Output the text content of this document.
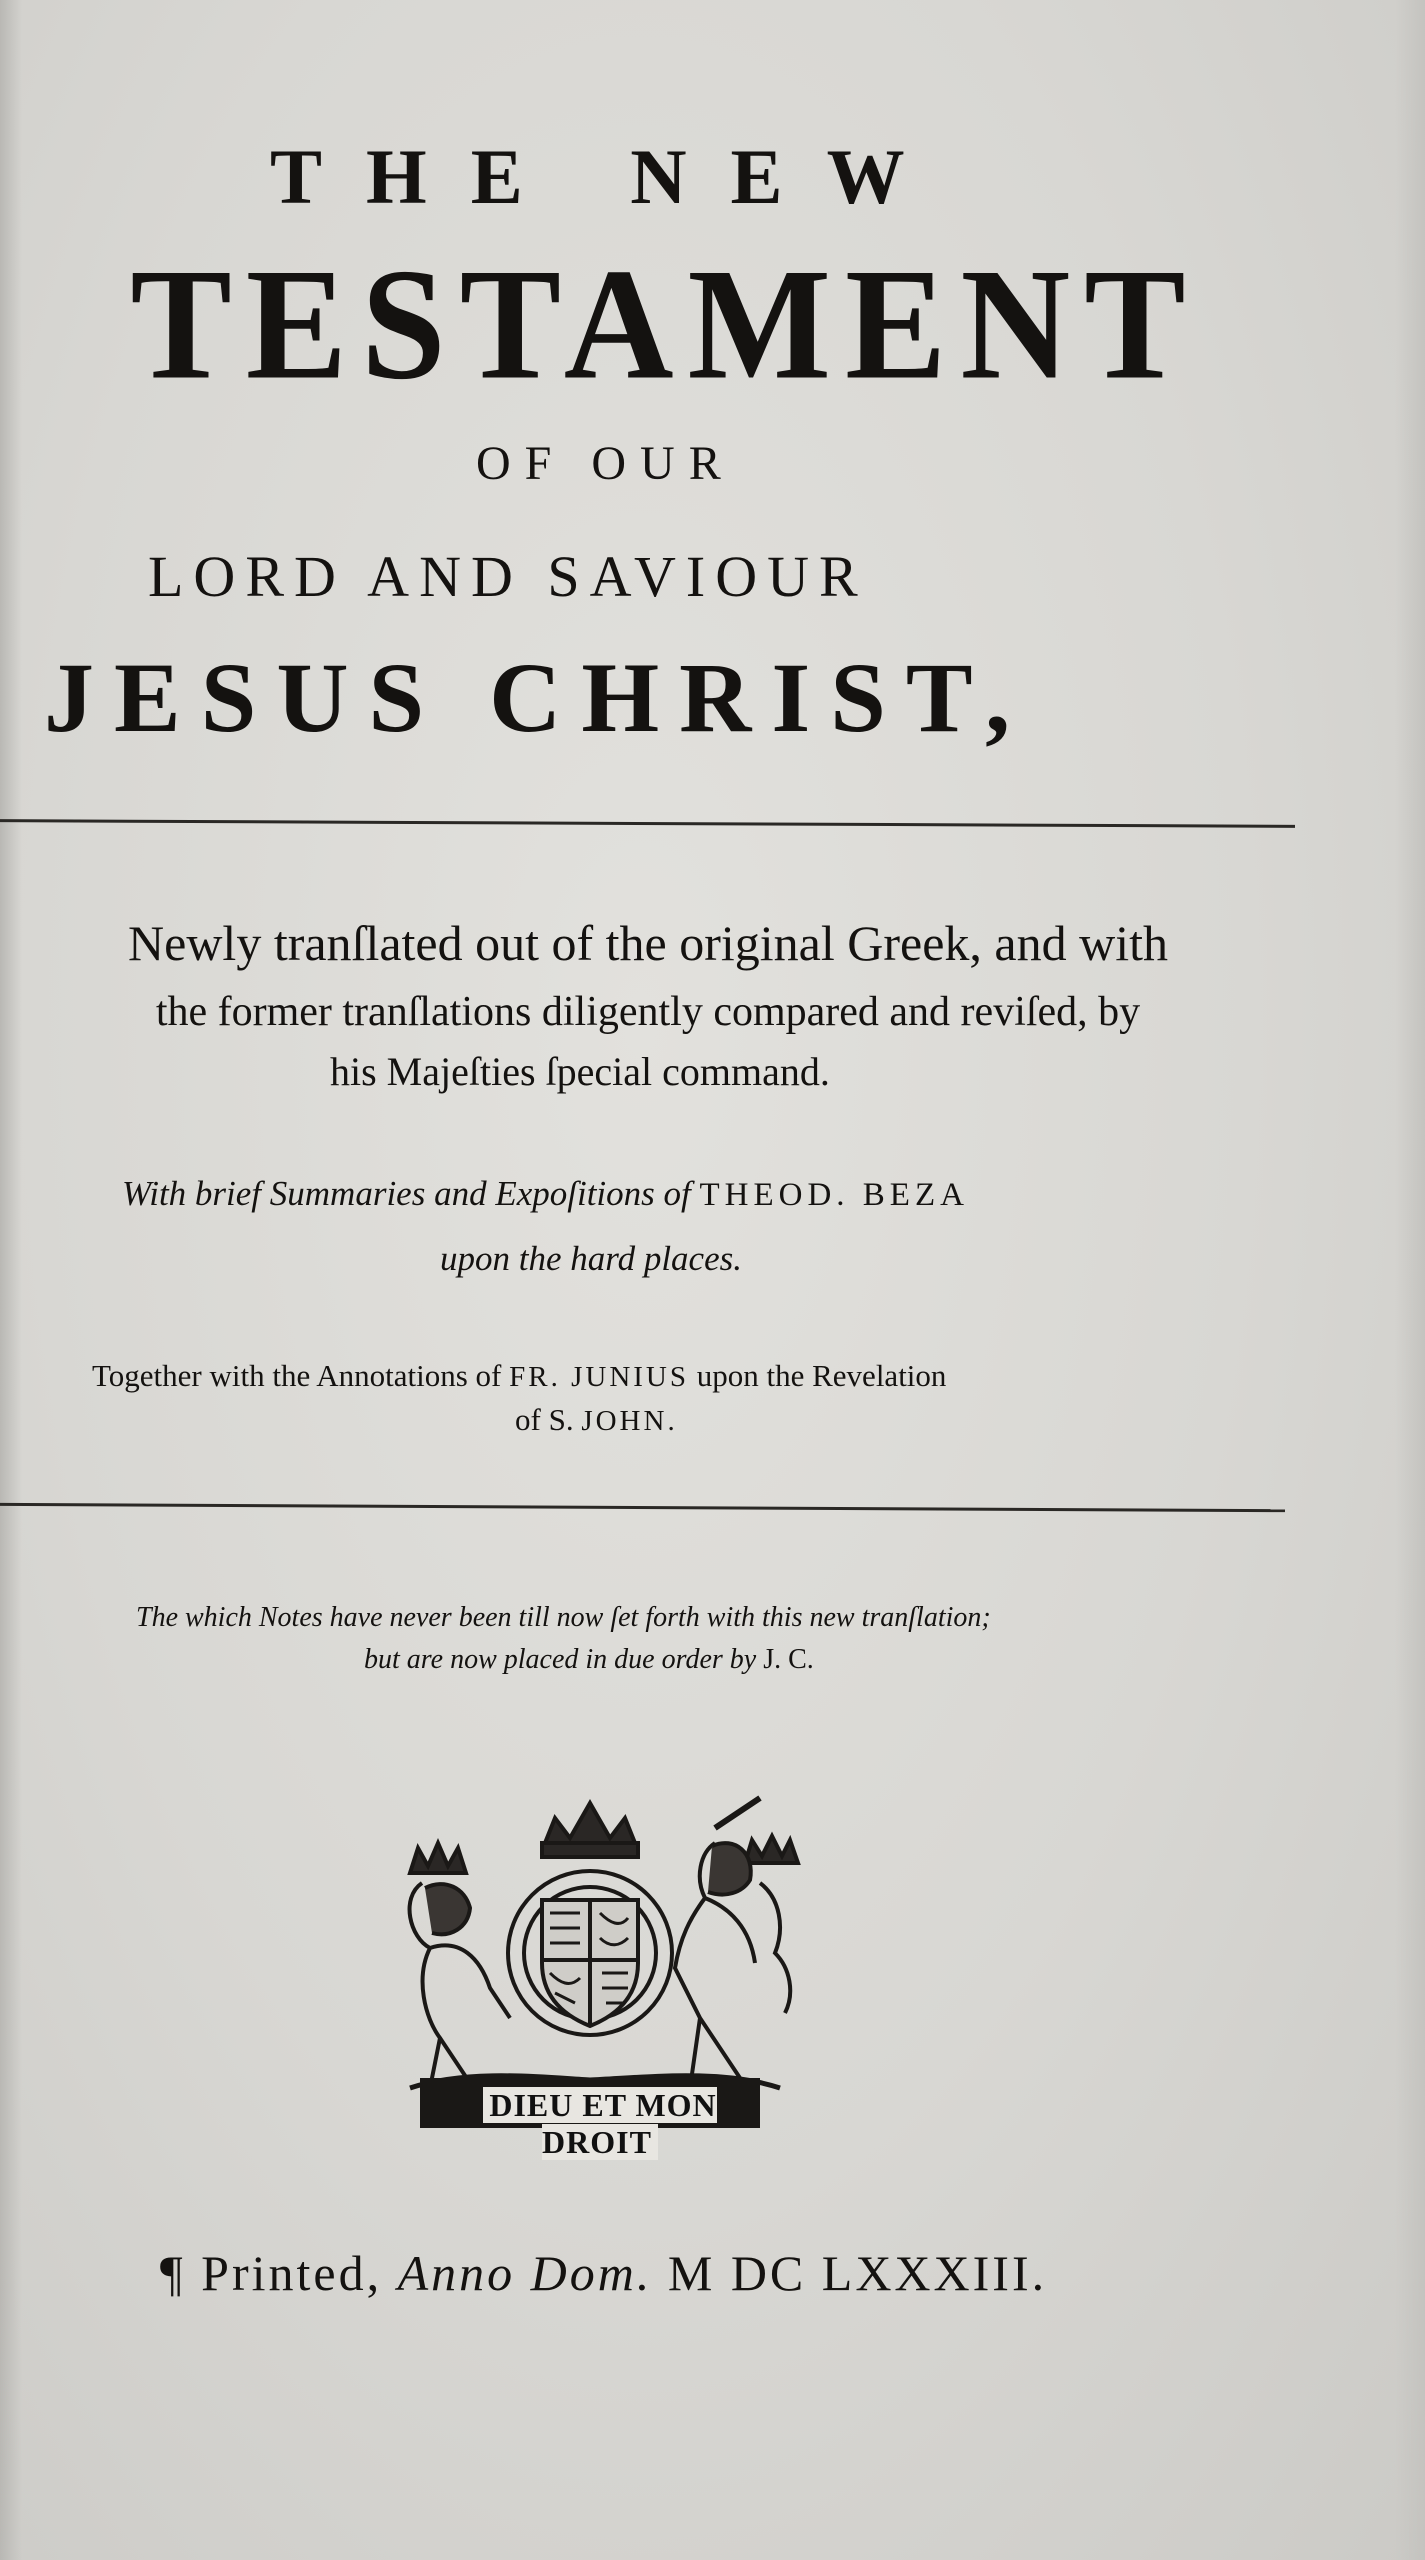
THE NEW
TESTAMENT
OF OUR
LORD AND SAVIOUR
JESUS CHRIST,
Newly tranſlated out of the original Greek, and with
the former tranſlations diligently compared and reviſed, by
his Majeſties ſpecial command.
With brief Summaries and Expoſitions of THEOD. BEZA
upon the hard places.
Together with the Annotations of FR. JUNIUS upon the Revelation
of S. JOHN.
The which Notes have never been till now ſet forth with this new tranſlation;
but are now placed in due order by J. C.
DIEU ET MON DROIT
¶ Printed, Anno Dom. M DC LXXXIII.
